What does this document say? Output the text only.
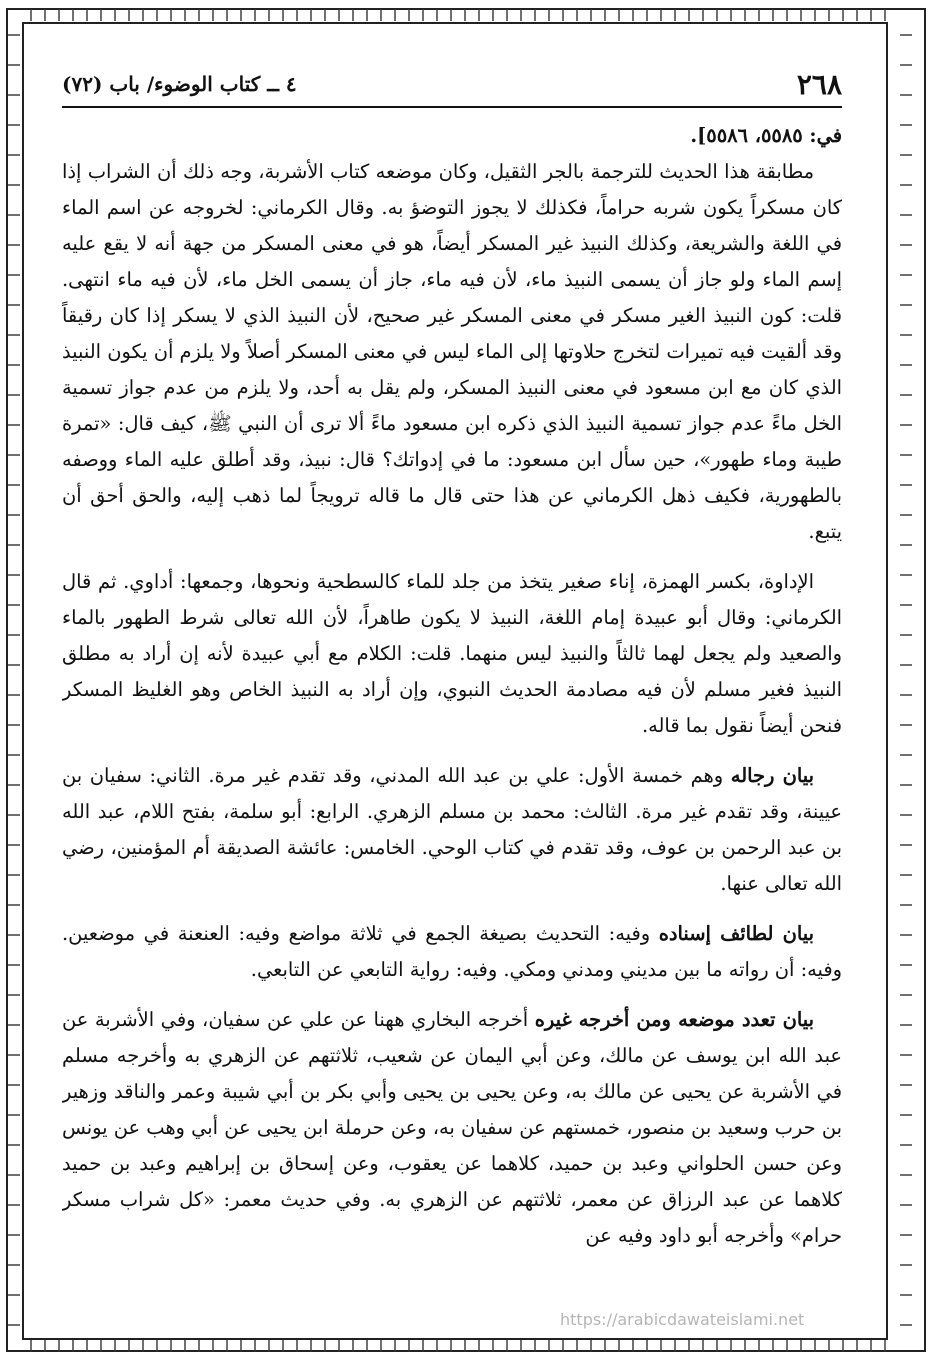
٢٦٨
٤ ــ كتاب الوضوء/ باب (٧٢)

في: ٥٥٨٥، ٥٥٨٦].

مطابقة هذا الحديث للترجمة بالجر الثقيل، وكان موضعه كتاب الأشربة، وجه ذلك أن الشراب إذا كان مسكراً يكون شربه حراماً، فكذلك لا يجوز التوضؤ به. وقال الكرماني: لخروجه عن اسم الماء في اللغة والشريعة، وكذلك النبيذ غير المسكر أيضاً، هو في معنى المسكر من جهة أنه لا يقع عليه إسم الماء ولو جاز أن يسمى النبيذ ماء، لأن فيه ماء، جاز أن يسمى الخل ماء، لأن فيه ماء انتهى. قلت: كون النبيذ الغير مسكر في معنى المسكر غير صحيح، لأن النبيذ الذي لا يسكر إذا كان رقيقاً وقد ألقيت فيه تميرات لتخرج حلاوتها إلى الماء ليس في معنى المسكر أصلاً ولا يلزم أن يكون النبيذ الذي كان مع ابن مسعود في معنى النبيذ المسكر، ولم يقل به أحد، ولا يلزم من عدم جواز تسمية الخل ماءً عدم جواز تسمية النبيذ الذي ذكره ابن مسعود ماءً ألا ترى أن النبي ﷺ، كيف قال: «تمرة طيبة وماء طهور»، حين سأل ابن مسعود: ما في إدواتك؟ قال: نبيذ، وقد أطلق عليه الماء ووصفه بالطهورية، فكيف ذهل الكرماني عن هذا حتى قال ما قاله ترويجاً لما ذهب إليه، والحق أحق أن يتبع.

الإداوة، بكسر الهمزة، إناء صغير يتخذ من جلد للماء كالسطحية ونحوها، وجمعها: أداوي. ثم قال الكرماني: وقال أبو عبيدة إمام اللغة، النبيذ لا يكون طاهراً، لأن الله تعالى شرط الطهور بالماء والصعيد ولم يجعل لهما ثالثاً والنبيذ ليس منهما. قلت: الكلام مع أبي عبيدة لأنه إن أراد به مطلق النبيذ فغير مسلم لأن فيه مصادمة الحديث النبوي، وإن أراد به النبيذ الخاص وهو الغليظ المسكر فنحن أيضاً نقول بما قاله.

بيان رجاله وهم خمسة الأول: علي بن عبد الله المدني، وقد تقدم غير مرة. الثاني: سفيان بن عيينة، وقد تقدم غير مرة. الثالث: محمد بن مسلم الزهري. الرابع: أبو سلمة، بفتح اللام، عبد الله بن عبد الرحمن بن عوف، وقد تقدم في كتاب الوحي. الخامس: عائشة الصديقة أم المؤمنين، رضي الله تعالى عنها.

بيان لطائف إسناده وفيه: التحديث بصيغة الجمع في ثلاثة مواضع وفيه: العنعنة في موضعين. وفيه: أن رواته ما بين مديني ومدني ومكي. وفيه: رواية التابعي عن التابعي.

بيان تعدد موضعه ومن أخرجه غيره أخرجه البخاري ههنا عن علي عن سفيان، وفي الأشربة عن عبد الله ابن يوسف عن مالك، وعن أبي اليمان عن شعيب، ثلاثتهم عن الزهري به وأخرجه مسلم في الأشربة عن يحيى عن مالك به، وعن يحيى بن يحيى وأبي بكر بن أبي شيبة وعمر والناقد وزهير بن حرب وسعيد بن منصور، خمستهم عن سفيان به، وعن حرملة ابن يحيى عن أبي وهب عن يونس وعن حسن الحلواني وعبد بن حميد، كلاهما عن يعقوب، وعن إسحاق بن إبراهيم وعبد بن حميد كلاهما عن عبد الرزاق عن معمر، ثلاثتهم عن الزهري به. وفي حديث معمر: «كل شراب مسكر حرام» وأخرجه أبو داود وفيه عن

https://arabicdawateislami.net
